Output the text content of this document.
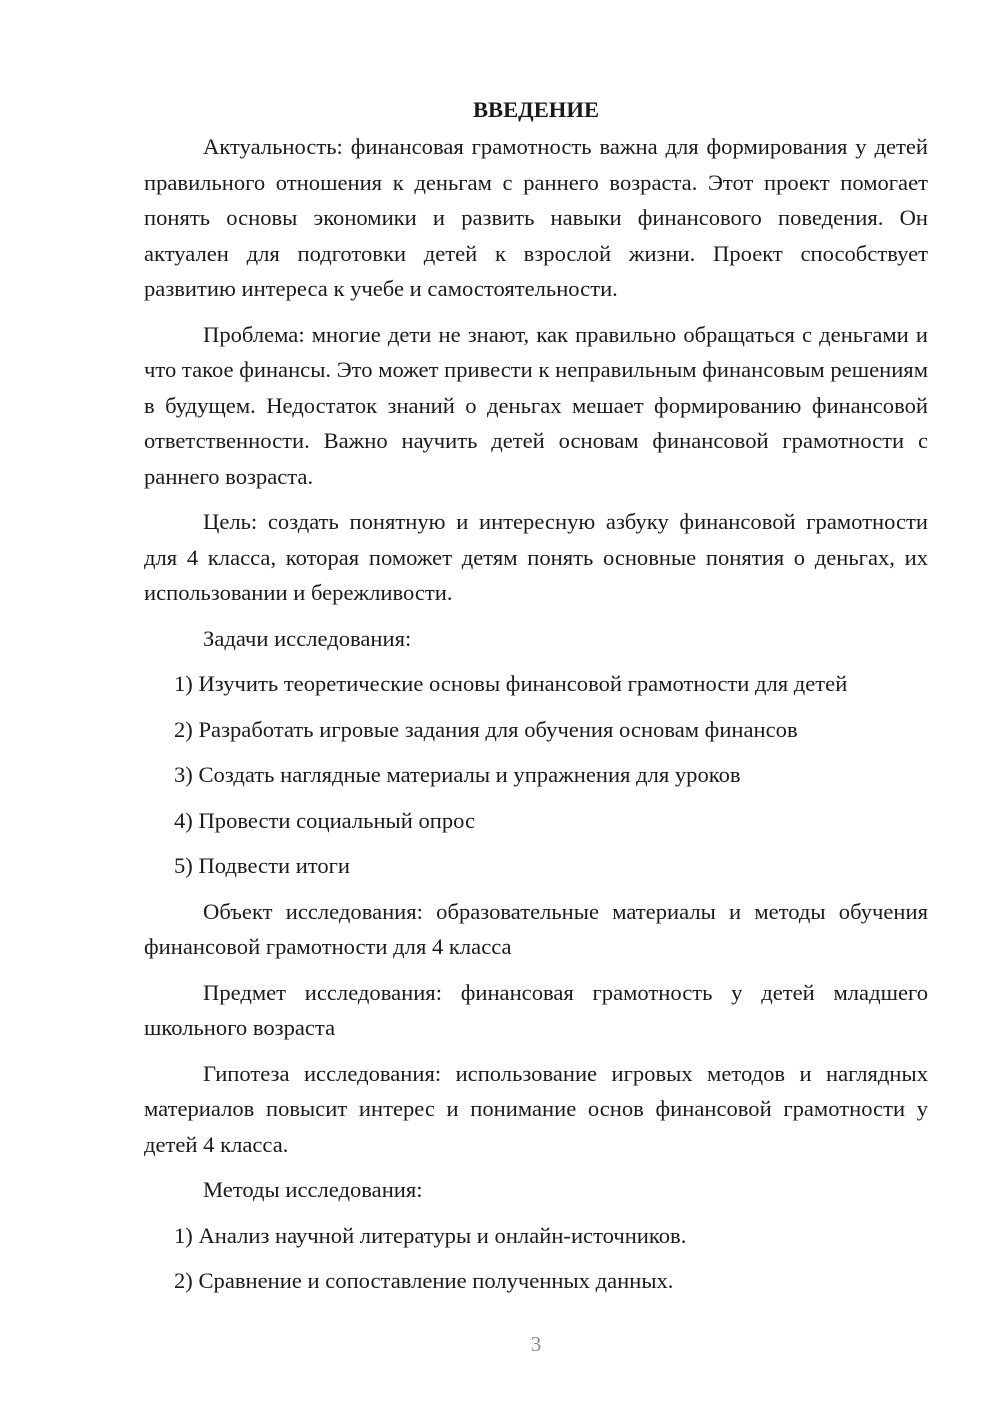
ВВЕДЕНИЕ

Актуальность: финансовая грамотность важна для формирования у детей правильного отношения к деньгам с раннего возраста. Этот проект помогает понять основы экономики и развить навыки финансового поведения. Он актуален для подготовки детей к взрослой жизни. Проект способствует развитию интереса к учебе и самостоятельности.

Проблема: многие дети не знают, как правильно обращаться с деньгами и что такое финансы. Это может привести к неправильным финансовым решениям в будущем. Недостаток знаний о деньгах мешает формированию финансовой ответственности. Важно научить детей основам финансовой грамотности с раннего возраста.

Цель: создать понятную и интересную азбуку финансовой грамотности для 4 класса, которая поможет детям понять основные понятия о деньгах, их использовании и бережливости.

Задачи исследования:

1) Изучить теоретические основы финансовой грамотности для детей

2) Разработать игровые задания для обучения основам финансов

3) Создать наглядные материалы и упражнения для уроков

4) Провести социальный опрос

5) Подвести итоги

Объект исследования: образовательные материалы и методы обучения финансовой грамотности для 4 класса

Предмет исследования: финансовая грамотность у детей младшего школьного возраста

Гипотеза исследования: использование игровых методов и наглядных материалов повысит интерес и понимание основ финансовой грамотности у детей 4 класса.

Методы исследования:

1) Анализ научной литературы и онлайн-источников.

2) Сравнение и сопоставление полученных данных.

3
